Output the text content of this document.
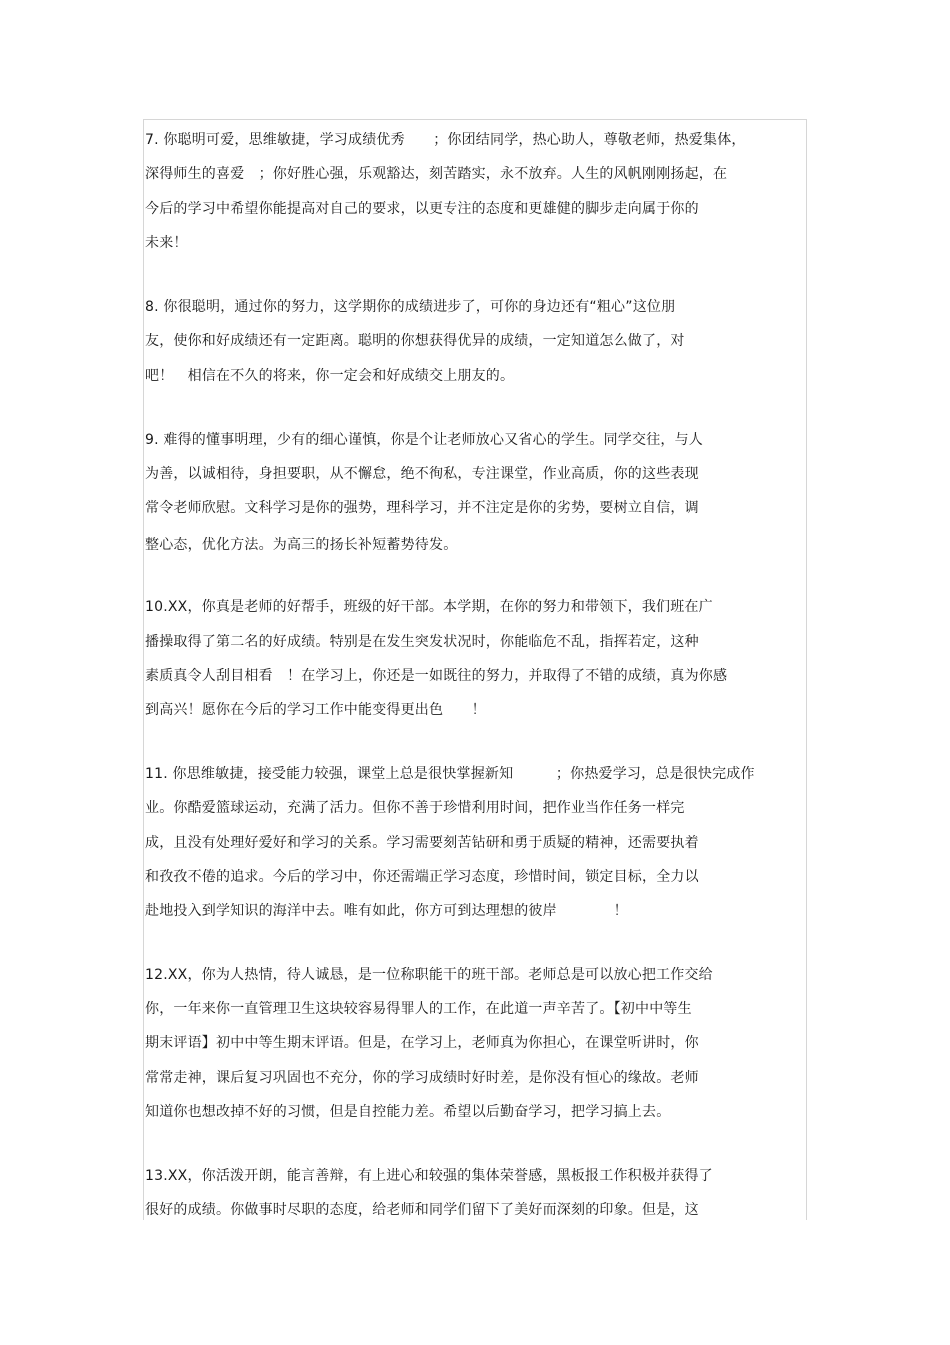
7. 你聪明可爱，思维敏捷，学习成绩优秀　　；你团结同学，热心助人，尊敬老师，热爱集体，
深得师生的喜爱　；你好胜心强，乐观豁达，刻苦踏实，永不放弃。人生的风帆刚刚扬起，在
今后的学习中希望你能提高对自己的要求，以更专注的态度和更雄健的脚步走向属于你的
未来！
8. 你很聪明，通过你的努力，这学期你的成绩进步了，可你的身边还有“粗心”这位朋
友，使你和好成绩还有一定距离。聪明的你想获得优异的成绩，一定知道怎么做了，对
吧！　相信在不久的将来，你一定会和好成绩交上朋友的。
9. 难得的懂事明理，少有的细心谨慎，你是个让老师放心又省心的学生。同学交往，与人
为善，以诚相待，身担要职，从不懈怠，绝不徇私，专注课堂，作业高质，你的这些表现
常令老师欣慰。文科学习是你的强势，理科学习，并不注定是你的劣势，要树立自信，调
整心态，优化方法。为高三的扬长补短蓄势待发。
10.XX，你真是老师的好帮手，班级的好干部。本学期，在你的努力和带领下，我们班在广
播操取得了第二名的好成绩。特别是在发生突发状况时，你能临危不乱，指挥若定，这种
素质真令人刮目相看　！在学习上，你还是一如既往的努力，并取得了不错的成绩，真为你感
到高兴！愿你在今后的学习工作中能变得更出色　　！
11. 你思维敏捷，接受能力较强，课堂上总是很快掌握新知　　　；你热爱学习，总是很快完成作
业。你酷爱篮球运动，充满了活力。但你不善于珍惜利用时间，把作业当作任务一样完
成，且没有处理好爱好和学习的关系。学习需要刻苦钻研和勇于质疑的精神，还需要执着
和孜孜不倦的追求。今后的学习中，你还需端正学习态度，珍惜时间，锁定目标，全力以
赴地投入到学知识的海洋中去。唯有如此，你方可到达理想的彼岸　　　　！
12.XX，你为人热情，待人诚恳，是一位称职能干的班干部。老师总是可以放心把工作交给
你，一年来你一直管理卫生这块较容易得罪人的工作，在此道一声辛苦了。【初中中等生
期末评语】初中中等生期末评语。但是，在学习上，老师真为你担心，在课堂听讲时，你
常常走神，课后复习巩固也不充分，你的学习成绩时好时差，是你没有恒心的缘故。老师
知道你也想改掉不好的习惯，但是自控能力差。希望以后勤奋学习，把学习搞上去。
13.XX，你活泼开朗，能言善辩，有上进心和较强的集体荣誉感，黑板报工作积极并获得了
很好的成绩。你做事时尽职的态度，给老师和同学们留下了美好而深刻的印象。但是，这
